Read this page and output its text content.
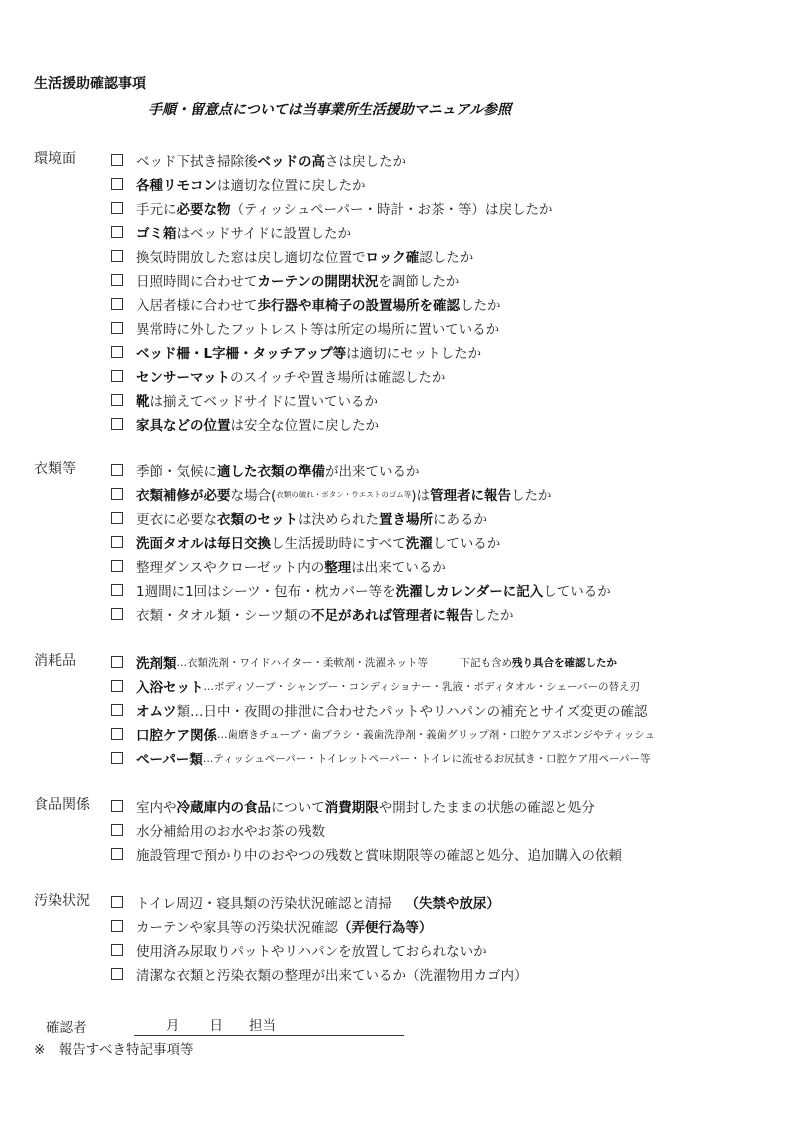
生活援助確認事項
手順・留意点については当事業所生活援助マニュアル参照
環境面	ベッド下拭き掃除後 ベッドの高 さは戻したか
各種リモコン は適切な位置に戻したか
手元に 必要な物 （ティッシュペーパー・時計・お茶・等）は戻したか
ゴミ箱 はベッドサイドに設置したか
換気時開放した窓は戻し適切な位置で ロック確 認したか
日照時間に合わせて カーテンの開閉状況 を調節したか
入居者様に合わせて 歩行器や車椅子の設置場所を確認 したか
異常時に外したフットレスト等は所定の場所に置いているか
ベッド柵・L字柵・タッチアップ等 は適切にセットしたか
センサーマット のスイッチや置き場所は確認したか
靴 は揃えてベッドサイドに置いているか
家具などの位置 は安全な位置に戻したか
衣類等	季節・気候に 適した衣類の準備 が出来ているか
衣類補修が必要 な場合( 衣類の破れ・ボタン・ウエストのゴム等 )は 管理者に報告 したか
更衣に必要な 衣類のセット は決められた 置き場所 にあるか
洗面タオルは毎日交換 し生活援助時にすべて 洗濯 しているか
整理ダンスやクローゼット内の 整理 は出来ているか
1週間に1回はシーツ・包布・枕カバー等を 洗濯しカレンダーに記入 しているか
衣類・タオル類・シーツ類の 不足があれば管理者に報告 したか
消耗品	洗剤類 …衣類洗剤・ワイドハイター・柔軟剤・洗濯ネット等 　　　下記も含め 残り具合を確認したか
入浴セット …ボディソープ・シャンプー・コンディショナー・乳液・ボディタオル・シェーバーの替え刃
オムツ 類…日中・夜間の排泄に合わせたパットやリハパンの補充とサイズ変更の確認
口腔ケア関係 …歯磨きチューブ・歯ブラシ・義歯洗浄剤・義歯グリップ剤・口腔ケアスポンジやティッシュ
ペーパー類 …ティッシュペーパー・トイレットペーパー・トイレに流せるお尻拭き・口腔ケア用ペーパー等
食品関係	室内や 冷蔵庫内の食品 について 消費期限 や開封したままの状態の確認と処分
水分補給用のお水やお茶の残数
施設管理で預かり中のおやつの残数と賞味期限等の確認と処分、追加購入の依頼
汚染状況	トイレ周辺・寝具類の汚染状況確認と清掃　 （失禁や放尿）
カーテンや家具等の汚染状況確認 （弄便行為等）
使用済み尿取りパットやリハパンを放置しておられないか
清潔な衣類と汚染衣類の整理が出来ているか（洗濯物用カゴ内）
確認者	月 日 担当
※　報告すべき特記事項等
